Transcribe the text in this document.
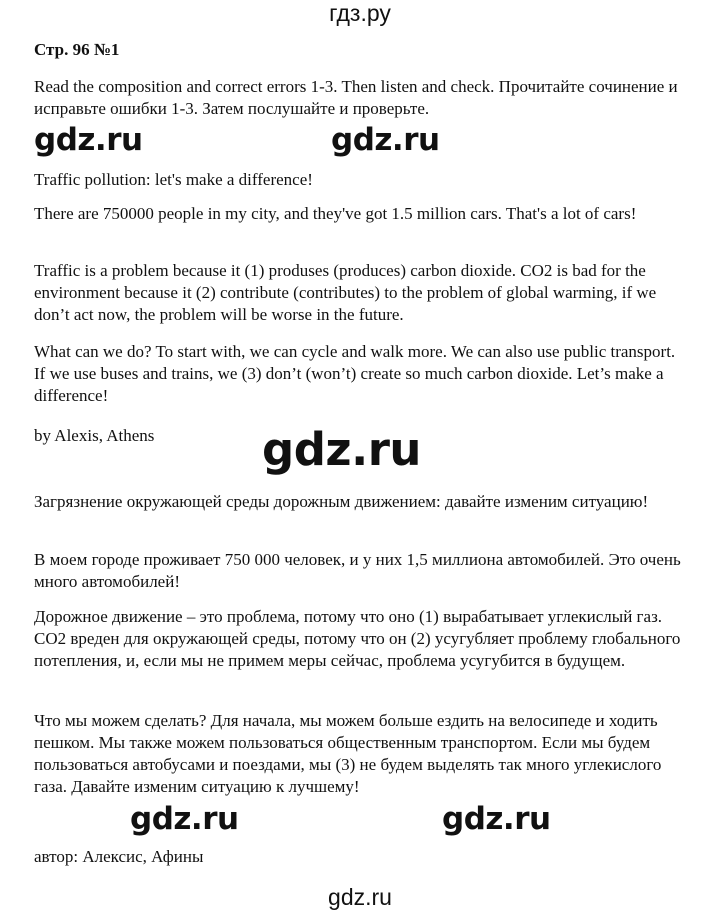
гдз.ру
Стр. 96 №1
Read the composition and correct errors 1-3. Then listen and check. Прочитайте сочинение и исправьте ошибки 1-3. Затем послушайте и проверьте.
gdz.ru	gdz.ru
Traffic pollution: let's make a difference!
There are 750000 people in my city, and they've got 1.5 million cars. That's a lot of cars!
Traffic is a problem because it (1) produses (produces) carbon dioxide. CO2 is bad for the environment because it (2) contribute (contributes) to the problem of global warming, if we don’t act now, the problem will be worse in the future.
What can we do? To start with, we can cycle and walk more. We can also use public transport. If we use buses and trains, we (3) don’t (won’t) create so much carbon dioxide. Let’s make a difference!
by Alexis, Athens	gdz.ru
Загрязнение окружающей среды дорожным движением: давайте изменим ситуацию!
В моем городе проживает 750 000 человек, и у них 1,5 миллиона автомобилей. Это очень много автомобилей!
Дорожное движение – это проблема, потому что оно (1) вырабатывает углекислый газ. CO2 вреден для окружающей среды, потому что он (2) усугубляет проблему глобального потепления, и, если мы не примем меры сейчас, проблема усугубится в будущем.
Что мы можем сделать? Для начала, мы можем больше ездить на велосипеде и ходить пешком. Мы также можем пользоваться общественным транспортом. Если мы будем пользоваться автобусами и поездами, мы (3) не будем выделять так много углекислого газа. Давайте изменим ситуацию к лучшему!
автор: Алексис, Афины
gdz.ru	gdz.ru
gdz.ru
